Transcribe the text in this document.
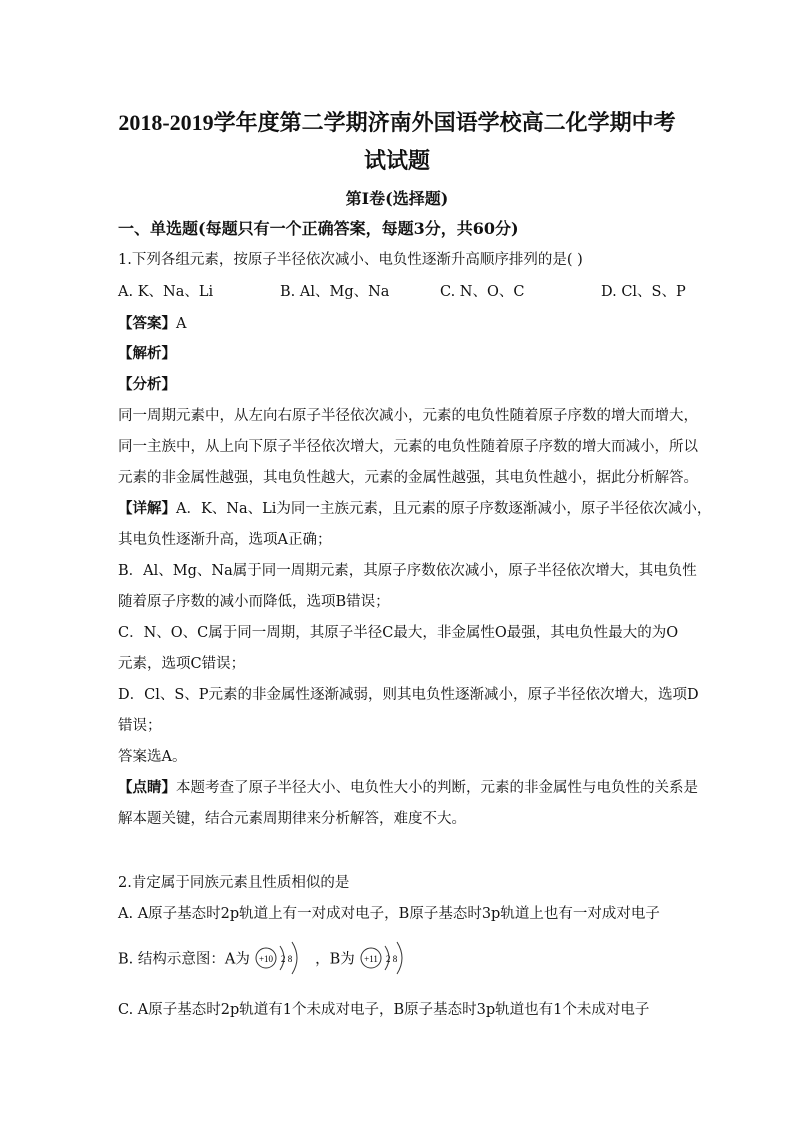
2018-2019学年度第二学期济南外国语学校高二化学期中考
试试题
第I卷(选择题)
一、单选题(每题只有一个正确答案，每题3分，共60分)
1.下列各组元素，按原子半径依次减小、电负性逐渐升高顺序排列的是( )
A. K、Na、Li	B. Al、Mg、Na	C. N、O、C	D. Cl、S、P
【答案】A
【解析】
【分析】
同一周期元素中，从左向右原子半径依次减小，元素的电负性随着原子序数的增大而增大，
同一主族中，从上向下原子半径依次增大，元素的电负性随着原子序数的增大而减小，所以
元素的非金属性越强，其电负性越大，元素的金属性越强，其电负性越小，据此分析解答。
【详解】A．K、Na、Li为同一主族元素，且元素的原子序数逐渐减小，原子半径依次减小，
其电负性逐渐升高，选项A正确；
B．Al、Mg、Na属于同一周期元素，其原子序数依次减小，原子半径依次增大，其电负性
随着原子序数的减小而降低，选项B错误；
C．N、O、C属于同一周期，其原子半径C最大，非金属性O最强，其电负性最大的为O
元素，选项C错误；
D．Cl、S、P元素的非金属性逐渐减弱，则其电负性逐渐减小，原子半径依次增大，选项D
错误；
答案选A。
【点睛】本题考查了原子半径大小、电负性大小的判断，元素的非金属性与电负性的关系是
解本题关键，结合元素周期律来分析解答，难度不大。
2.肯定属于同族元素且性质相似的是
A. A原子基态时2p轨道上有一对成对电子，B原子基态时3p轨道上也有一对成对电子
B. 结构示意图：A为 +10 2 8 ，B为 +11 2 8
C. A原子基态时2p轨道有1个未成对电子，B原子基态时3p轨道也有1个未成对电子
